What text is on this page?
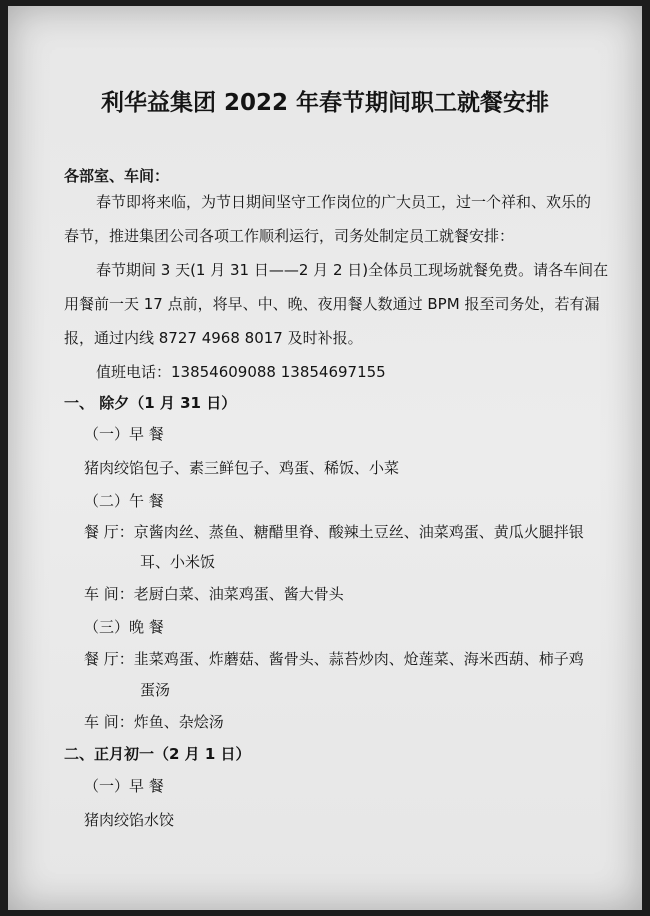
利华益集团 2022 年春节期间职工就餐安排

各部室、车间：

春节即将来临，为节日期间坚守工作岗位的广大员工，过一个祥和、欢乐的

春节，推进集团公司各项工作顺利运行，司务处制定员工就餐安排：

春节期间 3 天(1 月 31 日——2 月 2 日)全体员工现场就餐免费。请各车间在

用餐前一天 17 点前，将早、中、晚、夜用餐人数通过 BPM 报至司务处，若有漏

报，通过内线 8727 4968 8017 及时补报。

值班电话：13854609088 13854697155

一、 除夕（1 月 31 日）

（一）早 餐

猪肉绞馅包子、素三鲜包子、鸡蛋、稀饭、小菜

（二）午 餐

餐 厅：京酱肉丝、蒸鱼、糖醋里脊、酸辣土豆丝、油菜鸡蛋、黄瓜火腿拌银

耳、小米饭

车 间：老厨白菜、油菜鸡蛋、酱大骨头

（三）晚 餐

餐 厅：韭菜鸡蛋、炸蘑菇、酱骨头、蒜苔炒肉、炝莲菜、海米西葫、柿子鸡

蛋汤

车 间：炸鱼、杂烩汤

二、正月初一（2 月 1 日）

（一）早 餐

猪肉绞馅水饺
